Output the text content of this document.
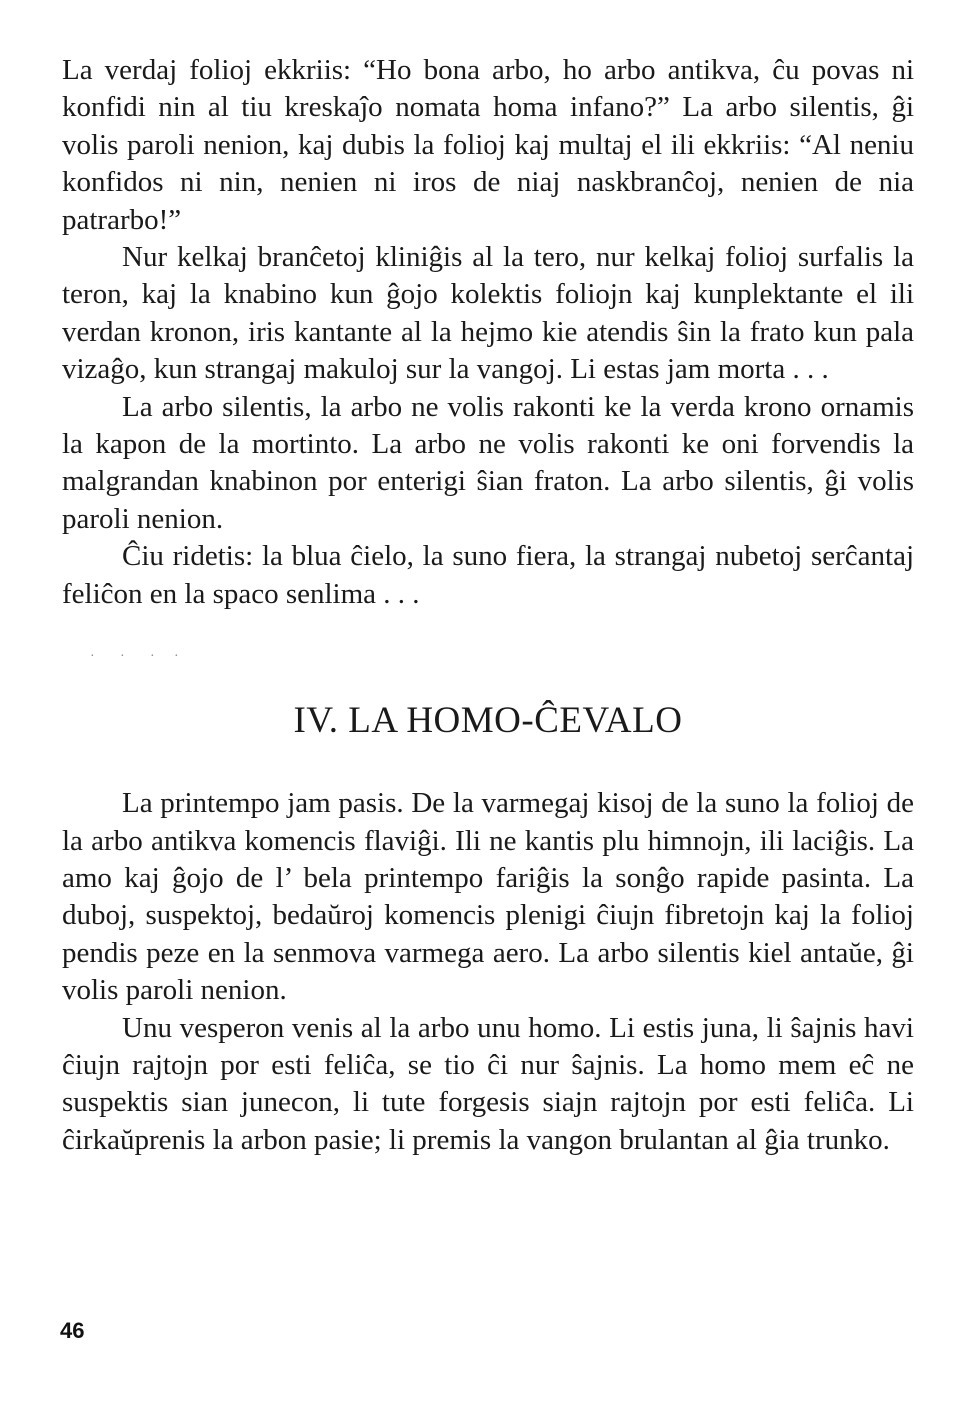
La verdaj folioj ekkriis: “Ho bona arbo, ho arbo antikva, ĉu povas ni konfidi nin al tiu kreskaĵo nomata homa infano?” La arbo silentis, ĝi volis paroli nenion, kaj dubis la folioj kaj multaj el ili ekkriis: “Al neniu konfidos ni nin, nenien ni iros de niaj naskbranĉoj, nenien de nia patrarbo!”

Nur kelkaj branĉetoj kliniĝis al la tero, nur kelkaj folioj surfalis la teron, kaj la knabino kun ĝojo kolektis foliojn kaj kunplektante el ili verdan kronon, iris kantante al la hejmo kie atendis ŝin la frato kun pala vizaĝo, kun strangaj makuloj sur la vangoj. Li estas jam morta . . .

La arbo silentis, la arbo ne volis rakonti ke la verda krono ornamis la kapon de la mortinto. La arbo ne volis rakonti ke oni forvendis la malgrandan knabinon por enterigi ŝian fraton. La arbo silentis, ĝi volis paroli nenion.

Ĉiu ridetis: la blua ĉielo, la suno fiera, la strangaj nubetoj serĉantaj feliĉon en la spaco senlima . . .

· · · ·
IV. LA HOMO-ĈEVALO

La printempo jam pasis. De la varmegaj kisoj de la suno la folioj de la arbo antikva komencis flaviĝi. Ili ne kantis plu himnojn, ili laciĝis. La amo kaj ĝojo de l’ bela printempo fariĝis la sonĝo rapide pasinta. La duboj, suspektoj, bedaŭroj komencis plenigi ĉiujn fibretojn kaj la folioj pendis peze en la senmova varmega aero. La arbo silentis kiel antaŭe, ĝi volis paroli nenion.

Unu vesperon venis al la arbo unu homo. Li estis juna, li ŝajnis havi ĉiujn rajtojn por esti feliĉa, se tio ĉi nur ŝajnis. La homo mem eĉ ne suspektis sian junecon, li tute forgesis siajn rajtojn por esti feliĉa. Li ĉirkaŭprenis la arbon pasie; li premis la vangon brulantan al ĝia trunko.

46
